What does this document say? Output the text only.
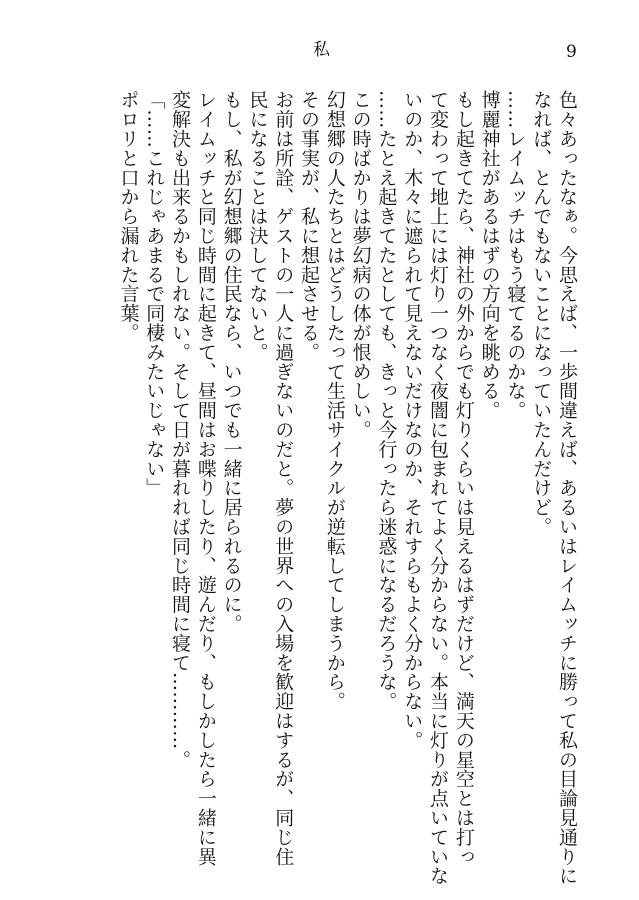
私	9
色々あったなぁ。今思えば、一歩間違えば、あるいはレイムッチに勝って私の目論見通りに
なれば、とんでもないことになっていたんだけど。
……レイムッチはもう寝てるのかな。
博麗神社があるはずの方向を眺める。
もし起きてたら、神社の外からでも灯りくらいは見えるはずだけど、満天の星空とは打っ
て変わって地上には灯り一つなく夜闇に包まれてよく分からない。本当に灯りが点いていな
いのか、木々に遮られて見えないだけなのか、それすらもよく分からない。
……たとえ起きてたとしても、きっと今行ったら迷惑になるだろうな。
この時ばかりは夢幻病の体が恨めしい。
幻想郷の人たちとはどうしたって生活サイクルが逆転してしまうから。
その事実が、私に想起させる。
お前は所詮、ゲストの一人に過ぎないのだと。夢の世界への入場を歓迎はするが、同じ住
民になることは決してないと。
もし、私が幻想郷の住民なら、いつでも一緒に居られるのに。
レイムッチと同じ時間に起きて、昼間はお喋りしたり、遊んだり、もしかしたら一緒に異
変解決も出来るかもしれない。そして日が暮れれば同じ時間に寝て…………。
「……これじゃあまるで同棲みたいじゃない」
ポロリと口から漏れた言葉。
